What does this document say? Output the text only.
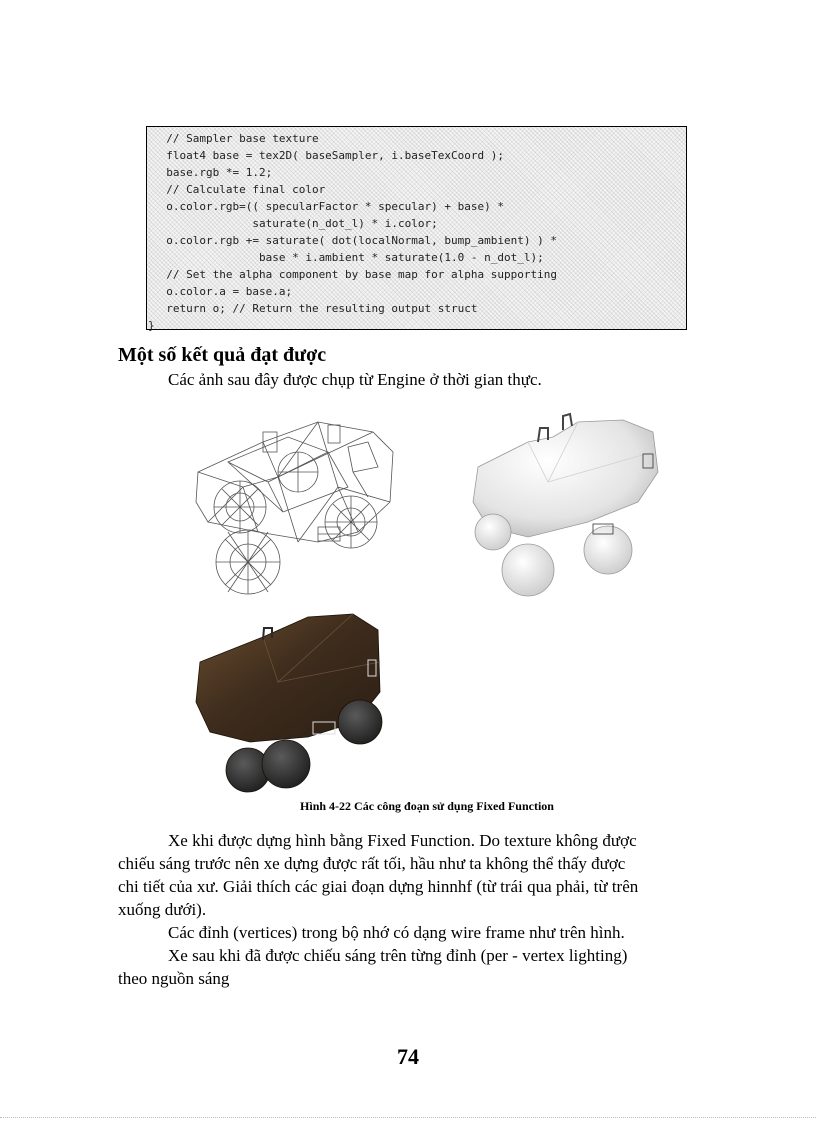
// Sampler base texture
float4 base = tex2D( baseSampler, i.baseTexCoord );
base.rgb *= 1.2;
// Calculate final color
o.color.rgb=(( specularFactor * specular) + base) *
saturate(n_dot_l) * i.color;
o.color.rgb += saturate( dot(localNormal, bump_ambient) ) *
base * i.ambient * saturate(1.0 - n_dot_l);
// Set the alpha component by base map for alpha supporting
o.color.a = base.a;
return o; // Return the resulting output struct
}
Một số kết quả đạt được
Các ảnh sau đây được chụp từ Engine ở thời gian thực.
Hình 4-22 Các công đoạn sử dụng Fixed Function
Xe khi được dựng hình bằng Fixed Function. Do texture không được
chiếu sáng trước nên xe dựng được rất tối, hầu như ta không thể thấy được
chi tiết của xư. Giải thích các giai đoạn dựng hinnhf (từ trái qua phải, từ trên
xuống dưới).
Các đỉnh (vertices) trong bộ nhớ có dạng wire frame như trên hình.
Xe sau khi đã được chiếu sáng trên từng đỉnh (per - vertex lighting)
theo nguồn sáng
74
